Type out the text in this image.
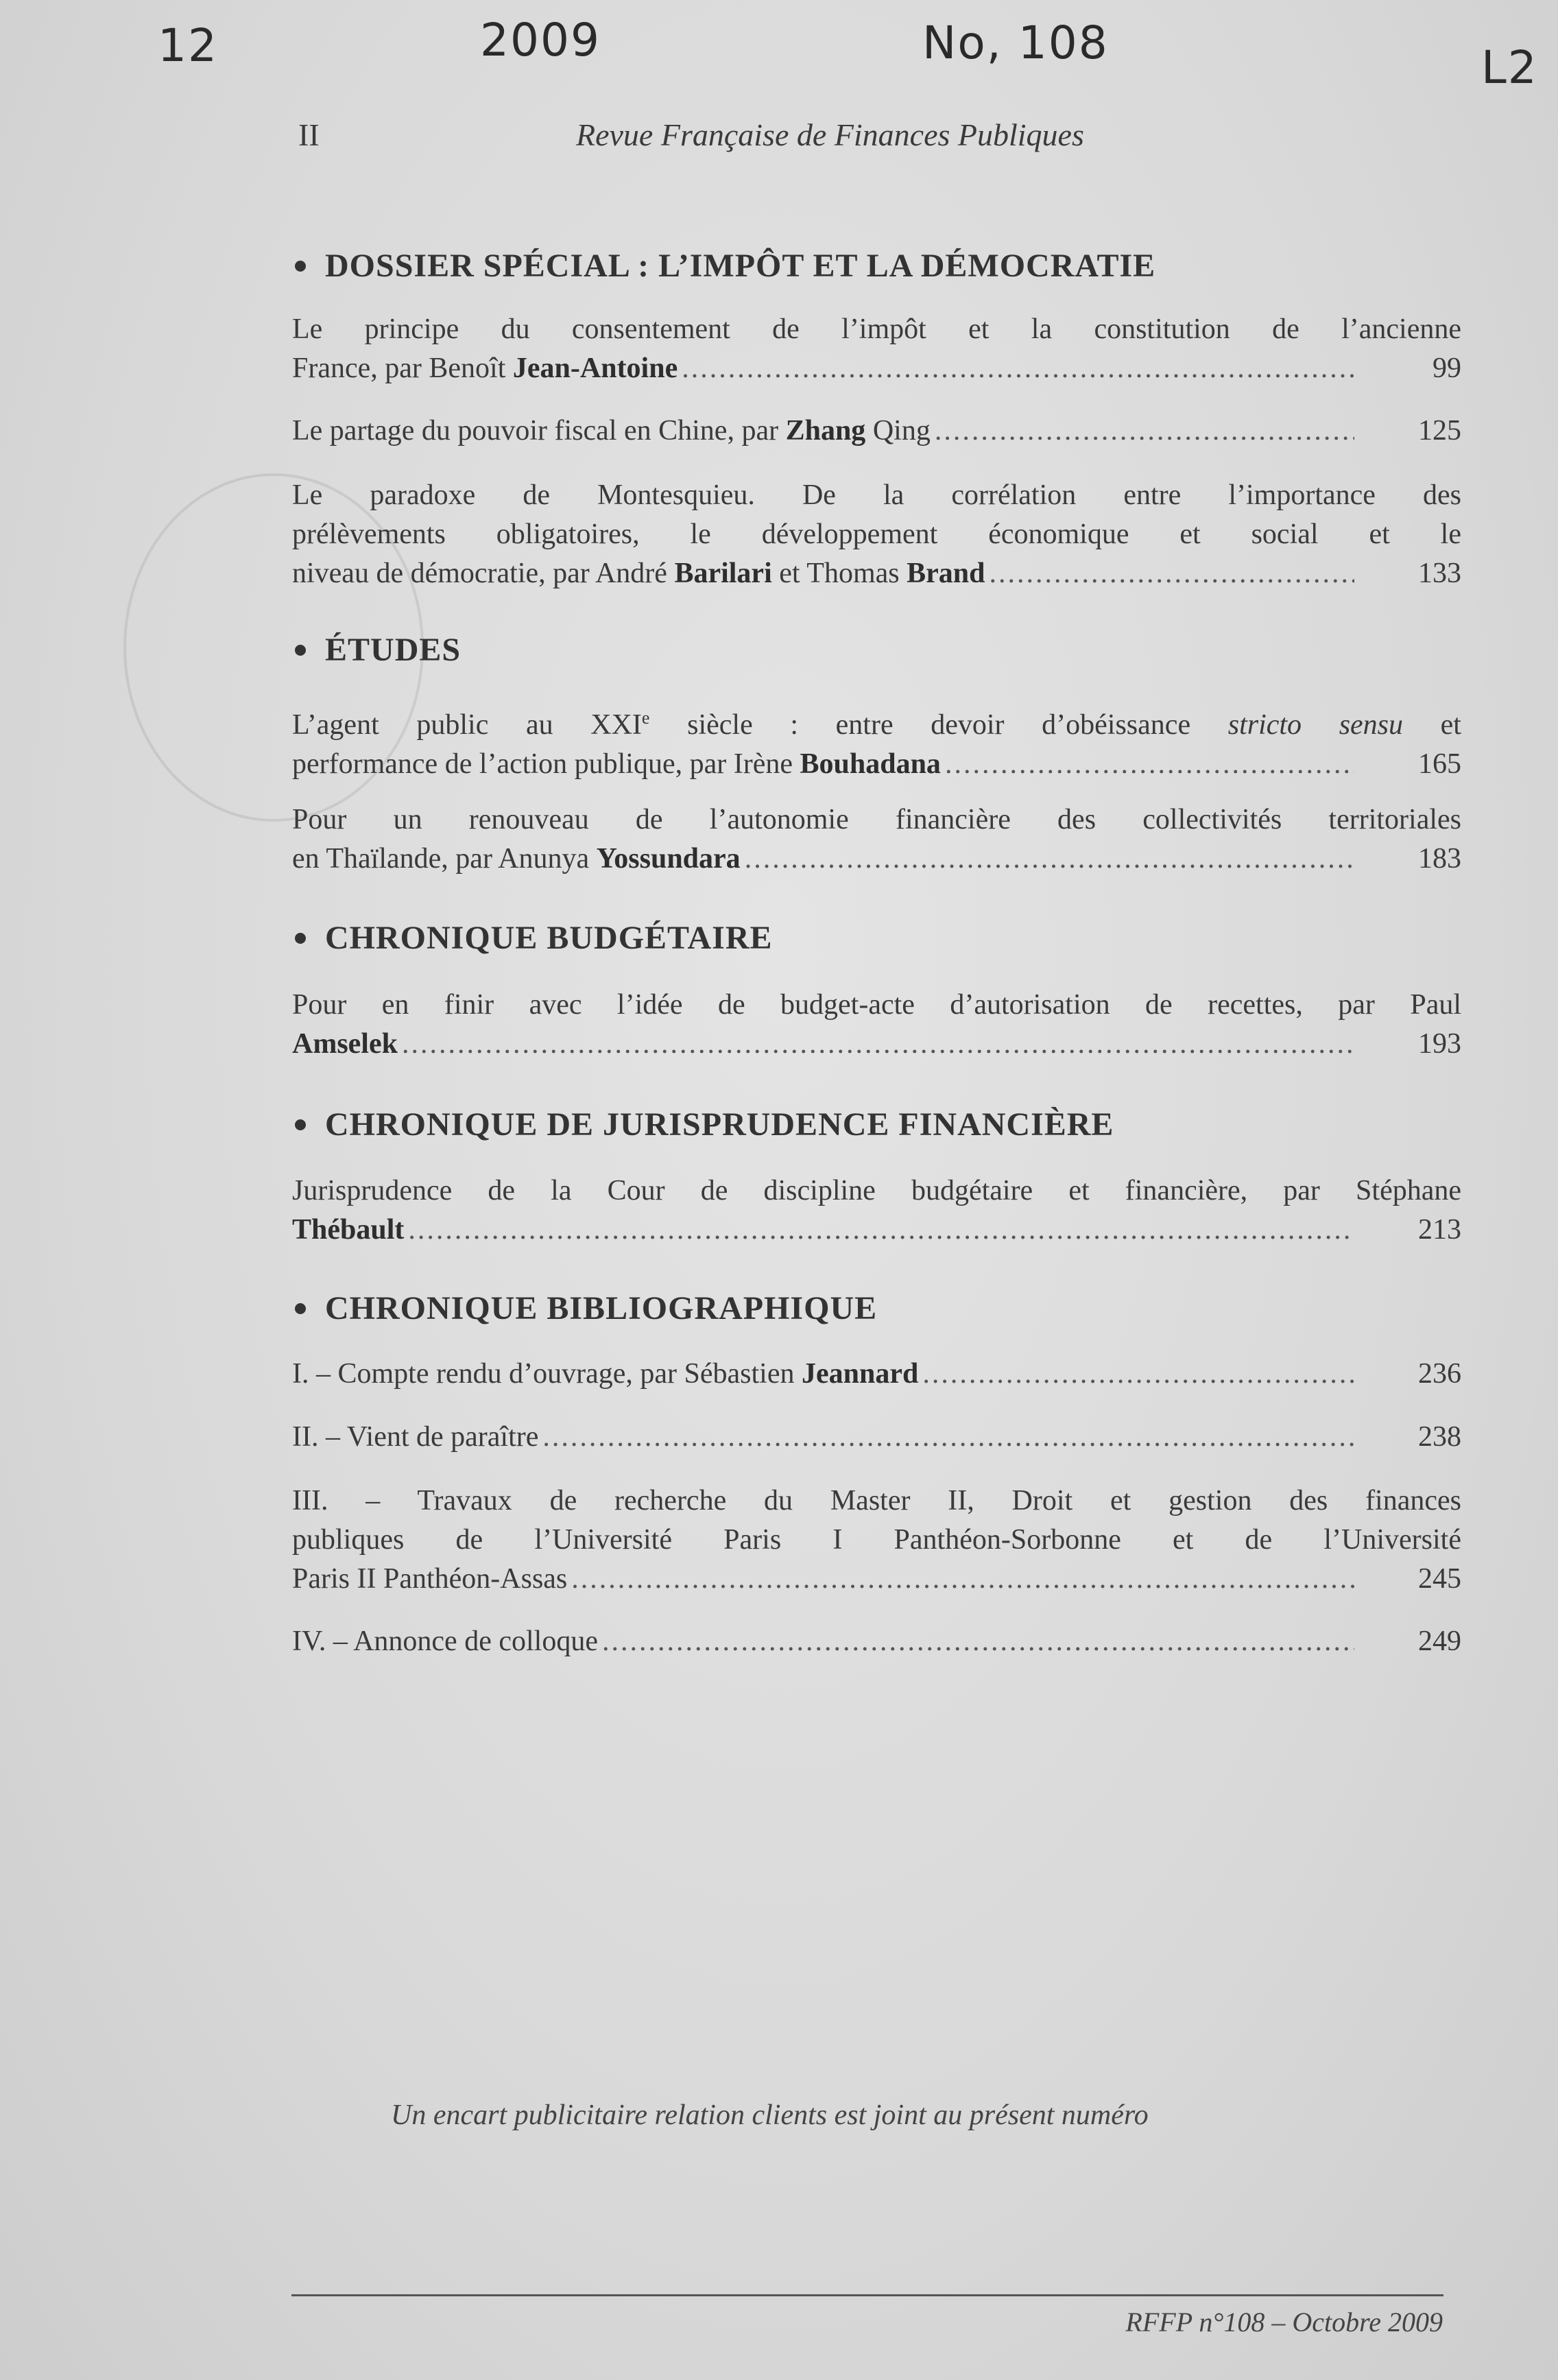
12	2009	No, 108	L2
II	Revue Française de Finances Publiques
DOSSIER SPÉCIAL : L’IMPÔT ET LA DÉMOCRATIE
Le principe du consentement de l’impôt et la constitution de l’ancienne
France, par Benoît Jean-Antoine .....	99
Le partage du pouvoir fiscal en Chine, par Zhang Qing .....	125
Le paradoxe de Montesquieu. De la corrélation entre l’importance des
prélèvements obligatoires, le développement économique et social et le
niveau de démocratie, par André Barilari et Thomas Brand .....	133
ÉTUDES
L’agent public au XXIe siècle : entre devoir d’obéissance stricto sensu et
performance de l’action publique, par Irène Bouhadana .....	165
Pour un renouveau de l’autonomie financière des collectivités territoriales
en Thaïlande, par Anunya Yossundara .....	183
CHRONIQUE BUDGÉTAIRE
Pour en finir avec l’idée de budget-acte d’autorisation de recettes, par Paul
Amselek .....	193
CHRONIQUE DE JURISPRUDENCE FINANCIÈRE
Jurisprudence de la Cour de discipline budgétaire et financière, par Stéphane
Thébault .....	213
CHRONIQUE BIBLIOGRAPHIQUE
I. – Compte rendu d’ouvrage, par Sébastien Jeannard .....	236
II. – Vient de paraître .....	238
III. – Travaux de recherche du Master II, Droit et gestion des finances
publiques de l’Université Paris I Panthéon-Sorbonne et de l’Université
Paris II Panthéon-Assas .....	245
IV. – Annonce de colloque .....	249
Un encart publicitaire relation clients est joint au présent numéro
RFFP n°108 – Octobre 2009
